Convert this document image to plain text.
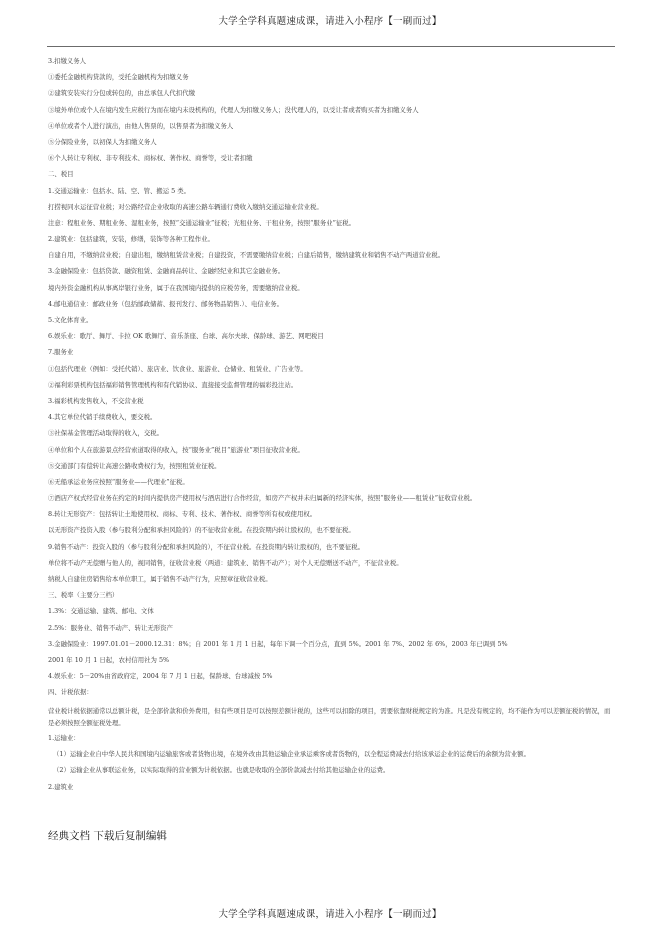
大学全学科真题速成课，请进入小程序【一刷而过】
3.扣缴义务人
①委托金融机构贷款的，受托金融机构为扣缴义务
②建筑安装实行分包或转包的，由总承包人代扣代缴
③境外单位或个人在境内发生应税行为而在境内未设机构的，代理人为扣缴义务人；没代理人的，以受让者或者购买者为扣缴义务人
④单位或者个人进行演出，由他人售票的，以售票者为扣缴义务人
⑤分保险业务，以初保人为扣缴义务人
⑥个人转让专利权、非专利技术、商标权、著作权、商誉等，受让者扣缴
二、税目
1.交通运输业：包括水、陆、空、管、搬运 5 类。
打捞视同水运征营业税；对公路经营企业收取的高速公路车辆通行费收入缴纳交通运输业营业税。
注意：程租业务、期租业务、湿租业务，按照“交通运输业”征税；光租业务、干租业务，按照“服务业”征税。
2.建筑业：包括建筑，安装，修缮，装饰等各种工程作业。
自建自用，不缴纳营业税；自建出租，缴纳租赁营业税；自建投资，不需要缴纳营业税；自建后销售，缴纳建筑业和销售不动产两道营业税。
3.金融保险业：包括贷款、融资租赁、金融商品转让、金融经纪业和其它金融业务。
境内外资金融机构从事离岸银行业务，属于在我国境内提供的应税劳务，需要缴纳营业税。
4.邮电通信业：邮政业务（包括邮政储蓄、报刊发行、邮务物品销售.）、电信业务。
5.文化体育业。
6.娱乐业：歌厅、舞厅、卡拉 OK 歌舞厅、音乐茶座、台球、高尔夫球、保龄球、游艺、网吧税目
7.服务业
①包括代理业（例如：受托代销）、旅店业、饮食业、旅游业、仓储业、租赁业、广告业等。
②福利彩票机构包括福彩销售管理机构和有代销协议、直接接受监督管理的福彩投注站。
3.福彩机构发售收入，不交营业税
4.其它单位代销手续费收入，要交税。
③社保基金管理活动取得的收入，交税。
④单位和个人在旅游景点经营索道取得的收入，按“服务业”税目“旅游业”项目征收营业税。
⑤交通部门有偿转让高速公路收费权行为，按照租赁业征税。
⑥无船承运业务应按照“服务业——代理业”征税。
⑦酒店产权式经营业务在约定的时间内提供房产使用权与酒店进行合作经营，如房产产权并未归属新的经济实体，按照“服务业——租赁业”征收营业税。
8.转让无形资产：包括转让土地使用权、商标、专利、技术、著作权、商誉等所有权或使用权。
以无形资产投资入股（参与股利分配和承担风险的）的不征收营业税。在投资期内转让股权的，也不要征税。
9.销售不动产：投资入股的（参与股利分配和承担风险的），不征营业税。在投资期内转让股权的，也不要征税。
单位将不动产无偿赠与他人的，视同销售，征收营业税（两道：建筑业、销售不动产）；对个人无偿赠送不动产，不征营业税。
纳税人自建住房销售给本单位职工，属于销售不动产行为，应照章征收营业税。
三、税率（主要分三档）
1.3%：交通运输、建筑、邮电、文体
2.5%：服务业、销售不动产、转让无形资产
3.金融保险业：1997.01.01－2000.12.31：8%；自 2001 年 1 月 1 日起，每年下调一个百分点，直到 5%。2001 年 7%、2002 年 6%，2003 年已调到 5%
2001 年 10 月 1 日起，农村信用社为 5%
4.娱乐业：5－20%由省政府定，2004 年 7 月 1 日起，保龄球、台球减按 5%
四、计税依据：
营业税计税依据通常以总额计税，是全部价款和价外费用，但有些项目是可以按照差额计税的，这些可以扣除的项目，需要依靠财税规定的为准。凡是没有规定的，均不能作为可以差额征税的情况，而是必须按照全额征税处理。
1.运输业：
（1）运输企业自中华人民共和国境内运输旅客或者货物出境，在境外改由其他运输企业承运乘客或者货物的，以全程运费减去付给该承运企业的运费后的余额为营业额。
（2）运输企业从事联运业务，以实际取得的营业额为计税依据。也就是收取的全部价款减去付给其他运输企业的运费。
2.建筑业
经典文档 下载后复制编辑
大学全学科真题速成课，请进入小程序【一刷而过】
